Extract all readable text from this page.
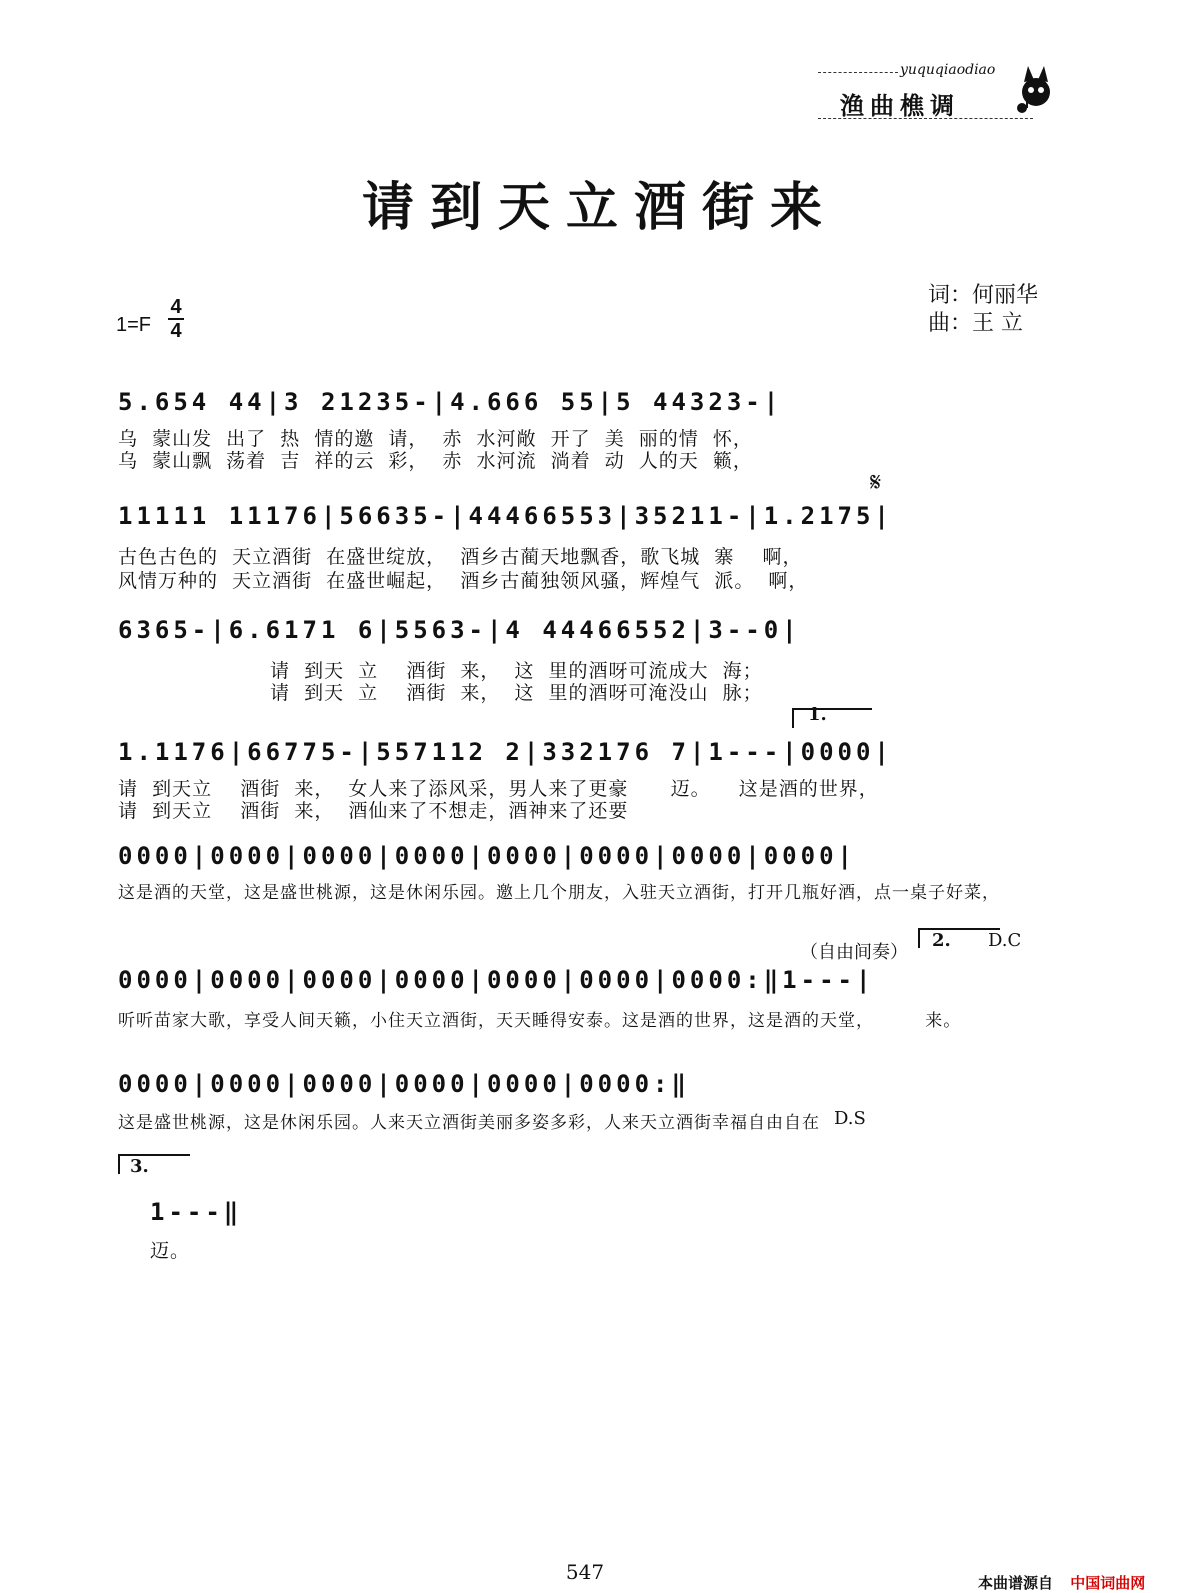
yuquqiaodiao
渔曲樵调
请到天立酒街来
1=F
4
4
词：何丽华
曲：王 立
5.654 44|3 21235-|4.666 55|5 44323-|
乌  蒙山发  出了  热  情的邀  请，  赤  水河敞  开了  美  丽的情  怀，
乌  蒙山飘  荡着  吉  祥的云  彩，  赤  水河流  淌着  动  人的天  籁，
𝄋
11111 11176|56635-|44466553|35211-|1.2175|
古色古色的  天立酒街  在盛世绽放，  酒乡古蔺天地飘香，歌飞城  寨    啊，
风情万种的  天立酒街  在盛世崛起，  酒乡古蔺独领风骚，辉煌气  派。  啊，
6365-|6.6171 6|5563-|4 44466552|3--0|
请  到天  立    酒街  来，  这  里的酒呀可流成大  海；
请  到天  立    酒街  来，  这  里的酒呀可淹没山  脉；
1.
1.1176|66775-|557112 2|332176 7|1---|0000|
请  到天立    酒街  来，  女人来了添风采，男人来了更豪      迈。    这是酒的世界，
请  到天立    酒街  来，  酒仙来了不想走，酒神来了还要
0000|0000|0000|0000|0000|0000|0000|0000|
这是酒的天堂，这是盛世桃源，这是休闲乐园。邀上几个朋友，入驻天立酒街，打开几瓶好酒，点一桌子好菜，
（自由间奏）
2. D.C
0000|0000|0000|0000|0000|0000|0000:‖1---|
听听苗家大歌，享受人间天籁，小住天立酒街，天天睡得安泰。这是酒的世界，这是酒的天堂，        来。
0000|0000|0000|0000|0000|0000:‖
这是盛世桃源，这是休闲乐园。人来天立酒街美丽多姿多彩，人来天立酒街幸福自由自在 D.S
3.
1---‖
迈。
547	本曲谱源自 中国词曲网
